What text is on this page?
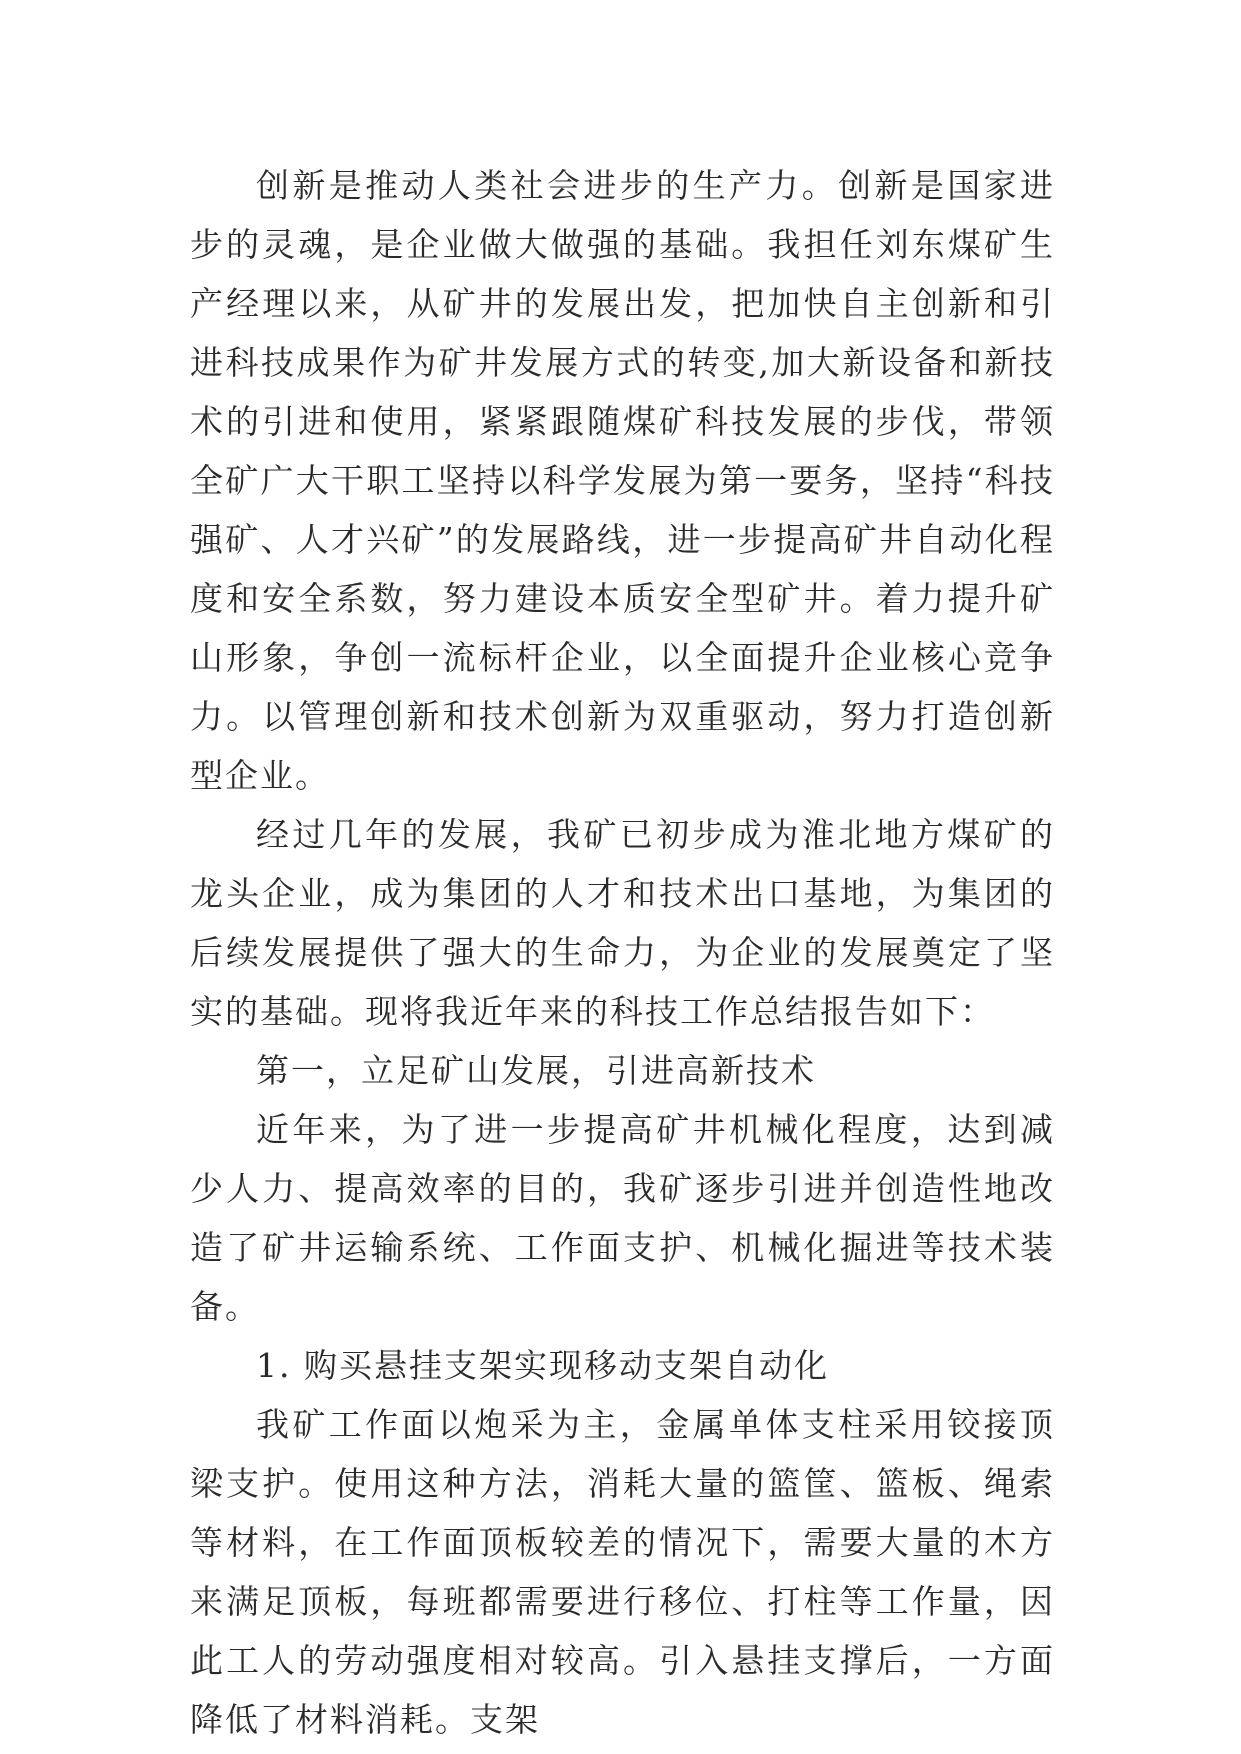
创新是推动人类社会进步的生产力。创新是国家进步的灵魂，是企业做大做强的基础。我担任刘东煤矿生产经理以来，从矿井的发展出发，把加快自主创新和引进科技成果作为矿井发展方式的转变,加大新设备和新技术的引进和使用，紧紧跟随煤矿科技发展的步伐，带领全矿广大干职工坚持以科学发展为第一要务，坚持“科技强矿、人才兴矿”的发展路线，进一步提高矿井自动化程度和安全系数，努力建设本质安全型矿井。着力提升矿山形象，争创一流标杆企业，以全面提升企业核心竞争力。以管理创新和技术创新为双重驱动，努力打造创新型企业。

经过几年的发展，我矿已初步成为淮北地方煤矿的龙头企业，成为集团的人才和技术出口基地，为集团的后续发展提供了强大的生命力，为企业的发展奠定了坚实的基础。现将我近年来的科技工作总结报告如下：

第一，立足矿山发展，引进高新技术

近年来，为了进一步提高矿井机械化程度，达到减少人力、提高效率的目的，我矿逐步引进并创造性地改造了矿井运输系统、工作面支护、机械化掘进等技术装备。

1. 购买悬挂支架实现移动支架自动化

我矿工作面以炮采为主，金属单体支柱采用铰接顶梁支护。使用这种方法，消耗大量的篮筐、篮板、绳索等材料，在工作面顶板较差的情况下，需要大量的木方来满足顶板，每班都需要进行移位、打柱等工作量，因此工人的劳动强度相对较高。引入悬挂支撑后，一方面降低了材料消耗。支架
